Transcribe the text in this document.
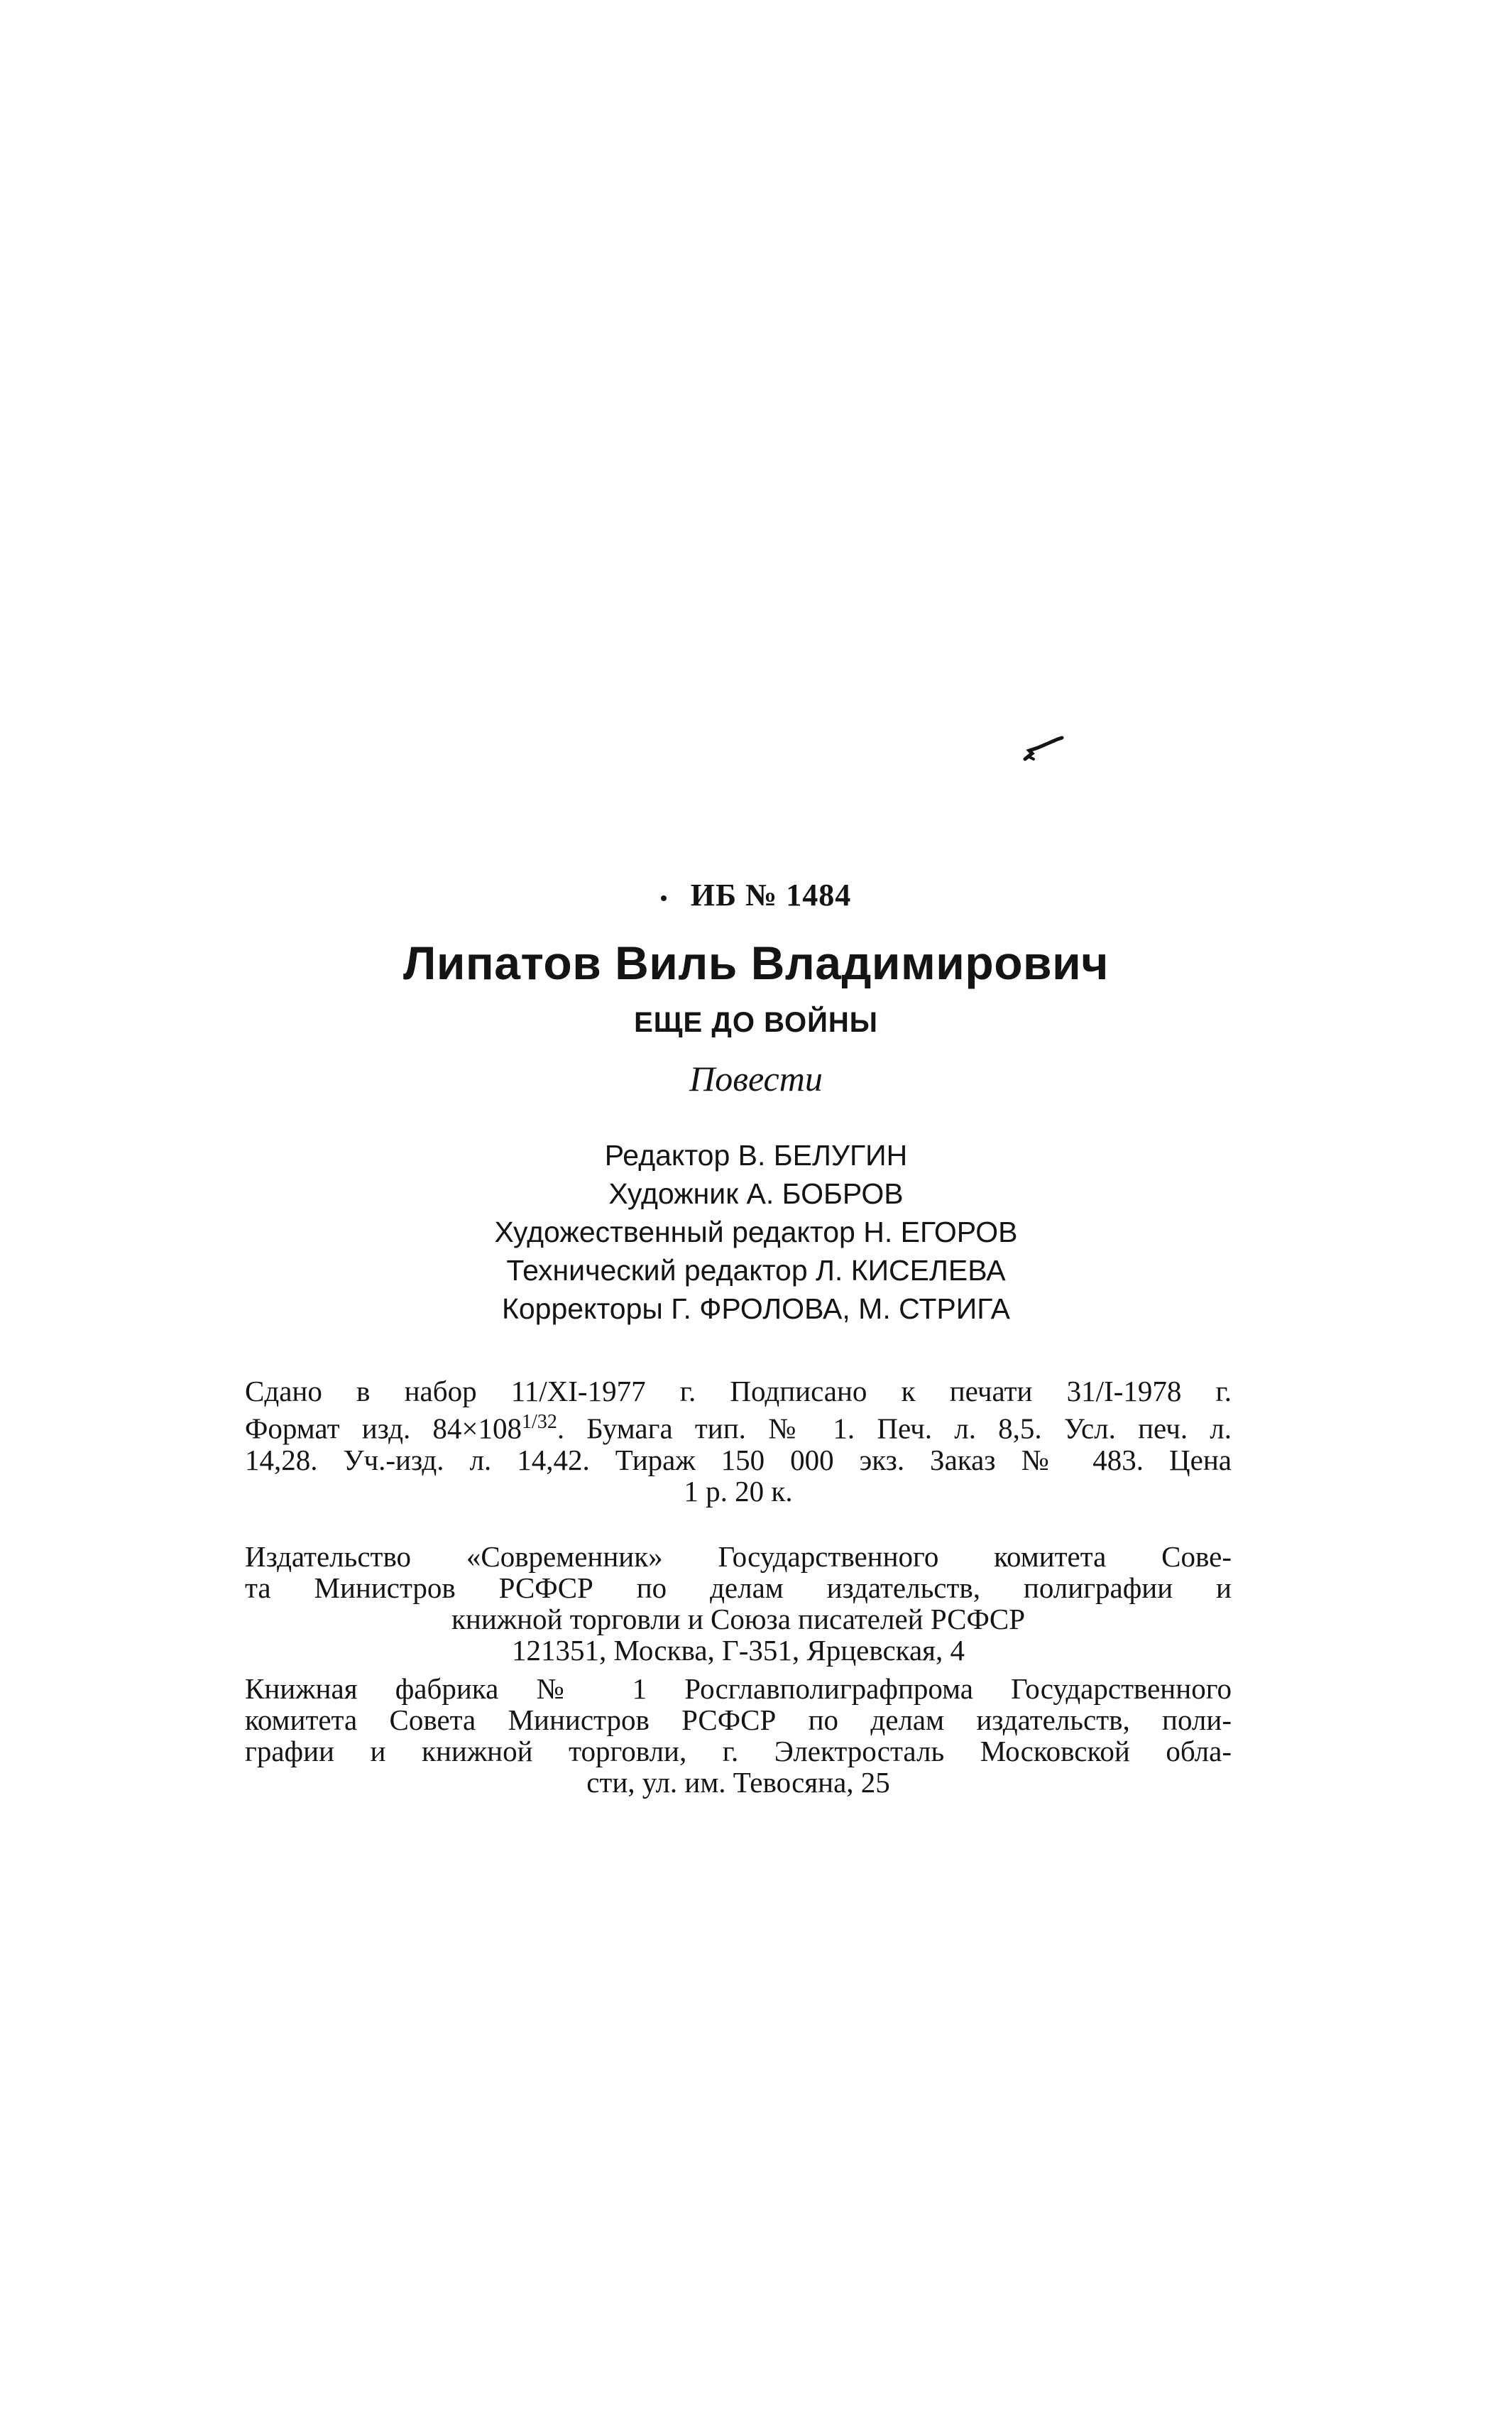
ИБ № 1484
Липатов Виль Владимирович
ЕЩЕ ДО ВОЙНЫ
Повести
Редактор В. БЕЛУГИН
Художник А. БОБРОВ
Художественный редактор Н. ЕГОРОВ
Технический редактор Л. КИСЕЛЕВА
Корректоры Г. ФРОЛОВА, М. СТРИГА
Сдано в набор 11/XI-1977 г. Подписано к печати 31/I-1978 г.
Формат изд. $84\times 108^{1/32}$. Бумага тип. № 1. Печ. л. 8,5. Усл. печ. л.
14,28. Уч.-изд. л. 14,42. Тираж 150 000 экз. Заказ № 483. Цена
1 р. 20 к.
Издательство «Современник» Государственного комитета Сове-
та Министров РСФСР по делам издательств, полиграфии и
книжной торговли и Союза писателей РСФСР
121351, Москва, Г-351, Ярцевская, 4
Книжная фабрика № 1 Росглавполиграфпрома Государственного
комитета Совета Министров РСФСР по делам издательств, поли-
графии и книжной торговли, г. Электросталь Московской обла-
сти, ул. им. Тевосяна, 25
